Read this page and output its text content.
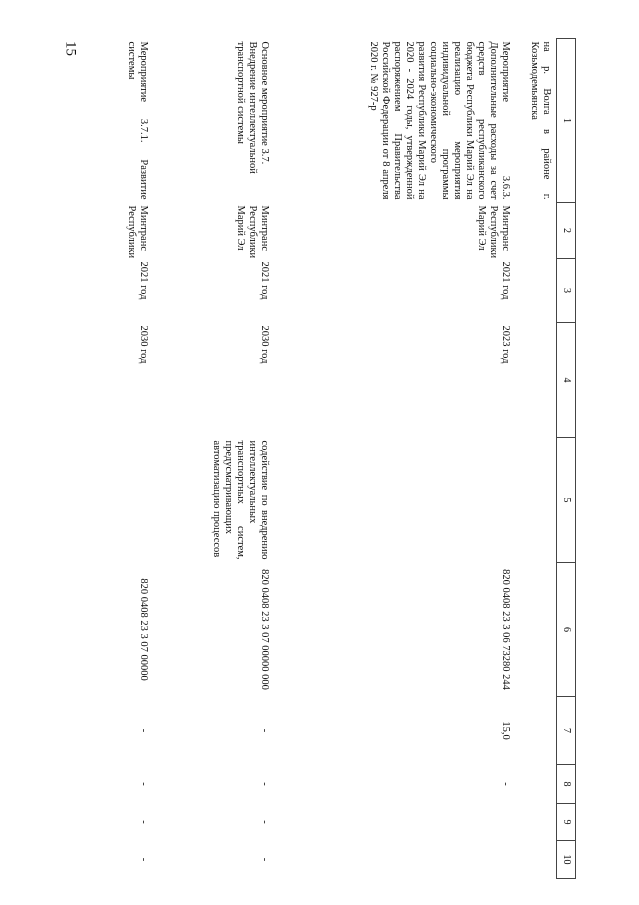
15
1	2	3	4	5	6	7	8	9	10
на р. Волга в районе г. Козьмодемьянска									
Мероприятие 3.6.3. Дополнительные расходы за счет средств республиканского бюджета Республики Марий Эл на реализацию мероприятия индивидуальной программы социально-экономического развития Республики Марий Эл на 2020 - 2024 годы, утвержденной распоряжением Правительства Российской Федерации от 8 апреля 2020 г. № 927-р	Минтранс Республики Марий Эл	2021 год	2023 год		820 0408 23 3 06 73280 244	15,0	-		
Основное мероприятие 3.7. Внедрение интеллектуальной транспортной системы	Минтранс Республики Марий Эл	2021 год	2030 год	содействие по внедрению интеллектуальных транспортных систем, предусматривающих автоматизацию процессов	820 0408 23 3 07 00000 000	-	-	-	-
Мероприятие 3.7.1. Развитие системы	Минтранс Республики	2021 год	2030 год		820 0408 23 3 07 00000	-	-	-	-
